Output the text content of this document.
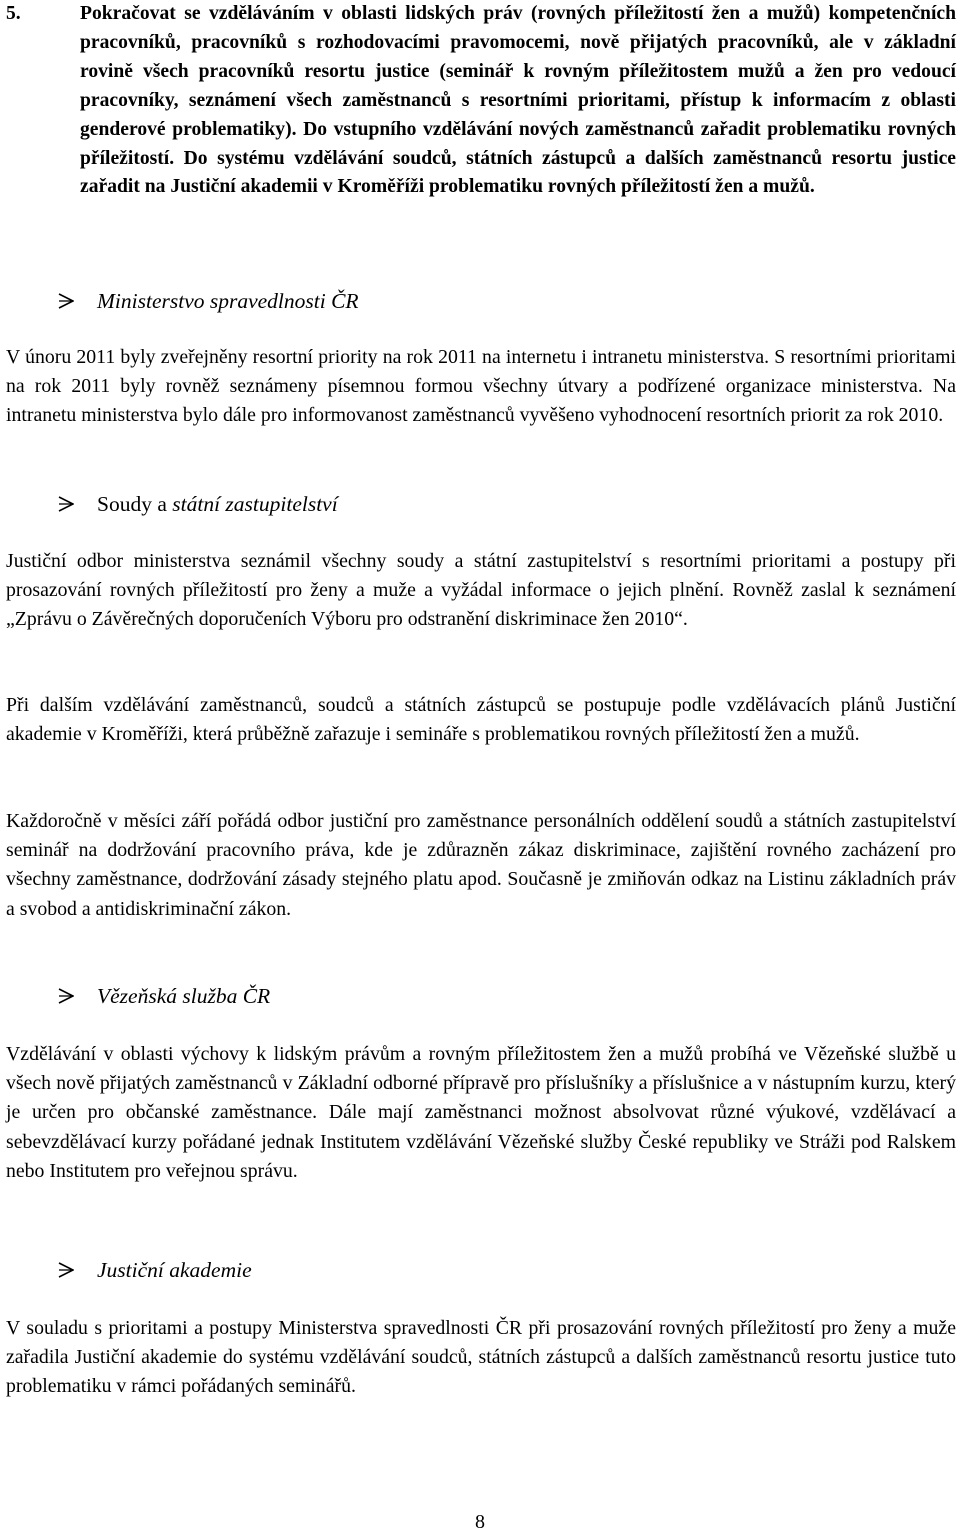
5.	Pokračovat se vzděláváním v oblasti lidských práv (rovných příležitostí žen a mužů) kompetenčních pracovníků, pracovníků s rozhodovacími pravomocemi, nově přijatých pracovníků, ale v základní rovině všech pracovníků resortu justice (seminář k rovným příležitostem mužů a žen pro vedoucí pracovníky, seznámení všech zaměstnanců s resortními prioritami, přístup k informacím z oblasti genderové problematiky). Do vstupního vzdělávání nových zaměstnanců zařadit problematiku rovných příležitostí. Do systému vzdělávání soudců, státních zástupců a dalších zaměstnanců resortu justice zařadit na Justiční akademii v Kroměříži problematiku rovných příležitostí žen a mužů.
Ministerstvo spravedlnosti ČR
V únoru 2011 byly zveřejněny resortní priority na rok 2011 na internetu i intranetu ministerstva. S resortními prioritami na rok 2011 byly rovněž seznámeny písemnou formou všechny útvary a podřízené organizace ministerstva. Na intranetu ministerstva bylo dále pro informovanost zaměstnanců vyvěšeno vyhodnocení resortních priorit za rok 2010.
Soudy a státní zastupitelství
Justiční odbor ministerstva seznámil všechny soudy a státní zastupitelství s resortními prioritami a postupy při prosazování rovných příležitostí pro ženy a muže a vyžádal informace o jejich plnění. Rovněž zaslal k seznámení „Zprávu o Závěrečných doporučeních Výboru pro odstranění diskriminace žen 2010“.
Při dalším vzdělávání zaměstnanců, soudců a státních zástupců se postupuje podle vzdělávacích plánů Justiční akademie v Kroměříži, která průběžně zařazuje i semináře s problematikou rovných příležitostí žen a mužů.
Každoročně v měsíci září pořádá odbor justiční pro zaměstnance personálních oddělení soudů a státních zastupitelství seminář na dodržování pracovního práva, kde je zdůrazněn zákaz diskriminace, zajištění rovného zacházení pro všechny zaměstnance, dodržování zásady stejného platu apod. Současně je zmiňován odkaz na Listinu základních práv a svobod a antidiskriminační zákon.
Vězeňská služba ČR
Vzdělávání v oblasti výchovy k lidským právům a rovným příležitostem žen a mužů probíhá ve Vězeňské službě u všech nově přijatých zaměstnanců v Základní odborné přípravě pro příslušníky a příslušnice a v nástupním kurzu, který je určen pro občanské zaměstnance. Dále mají zaměstnanci možnost absolvovat různé výukové, vzdělávací a sebevzdělávací kurzy pořádané jednak Institutem vzdělávání Vězeňské služby České republiky ve Stráži pod Ralskem nebo Institutem pro veřejnou správu.
Justiční akademie
V souladu s prioritami a postupy Ministerstva spravedlnosti ČR při prosazování rovných příležitostí pro ženy a muže zařadila Justiční akademie do systému vzdělávání soudců, státních zástupců a dalších zaměstnanců resortu justice tuto problematiku v rámci pořádaných seminářů.
8
